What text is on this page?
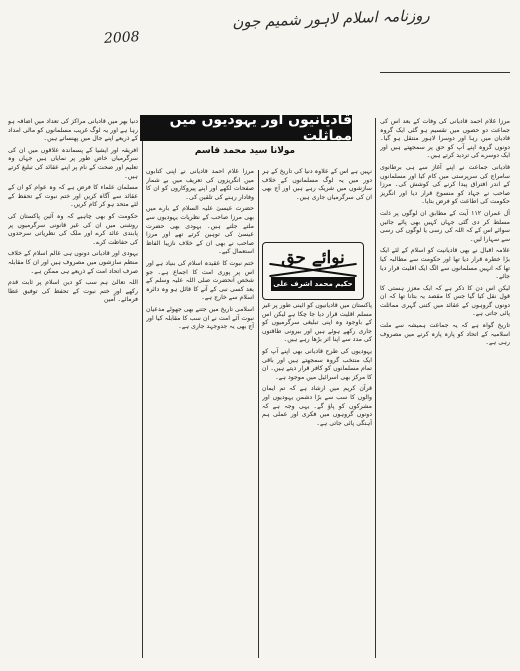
روزنامہ اسلام لاہور شمیم جون
2008

مرزا غلام احمد قادیانی کی وفات کے بعد اس کی جماعت دو حصوں میں تقسیم ہو گئی ایک گروہ قادیان میں رہا اور دوسرا لاہور منتقل ہو گیا۔ دونوں گروہ اپنے آپ کو حق پر سمجھتے ہیں اور ایک دوسرے کی تردید کرتے ہیں۔

قادیانی جماعت نے اپنے آغاز سے ہی برطانوی سامراج کی سرپرستی میں کام کیا اور مسلمانوں کے اندر افتراق پیدا کرنے کی کوشش کی۔ مرزا صاحب نے جہاد کو منسوخ قرار دیا اور انگریز حکومت کی اطاعت کو فرض بتایا۔

آل عمران ۱۱۲ آیت کے مطابق ان لوگوں پر ذلت مسلط کر دی گئی جہاں کہیں بھی پائے جائیں سوائے اس کے کہ اللہ کی رسی یا لوگوں کی رسی سے سہارا لیں۔

علامہ اقبال نے بھی قادیانیت کو اسلام کے لئے ایک بڑا خطرہ قرار دیا تھا اور حکومت سے مطالبہ کیا تھا کہ انہیں مسلمانوں سے الگ ایک اقلیت قرار دیا جائے۔

لیکن اس دن کا ذکر ہے کہ ایک معزز ہستی کا قول نقل کیا گیا جس کا مقصد یہ بتانا تھا کہ ان دونوں گروہوں کے عقائد میں کتنی گہری مماثلت پائی جاتی ہے۔

تاریخ گواہ ہے کہ یہ جماعت ہمیشہ سے ملت اسلامیہ کے اتحاد کو پارہ پارہ کرنے میں مصروف رہی ہے۔

قادیانیوں اور یہودیوں میں مماثلت
مولانا سید محمد قاسم

نہیں ہے اس کے علاوہ دنیا کی تاریخ کے ہر دور میں یہ لوگ مسلمانوں کے خلاف سازشوں میں شریک رہے ہیں اور آج بھی ان کی سرگرمیاں جاری ہیں۔

نوائے حق
حکیم محمد اشرف علی

پاکستان میں قادیانیوں کو آئینی طور پر غیر مسلم اقلیت قرار دیا جا چکا ہے لیکن اس کے باوجود وہ اپنی تبلیغی سرگرمیوں کو جاری رکھے ہوئے ہیں اور بیرونی طاقتوں کی مدد سے اپنا اثر بڑھا رہے ہیں۔

یہودیوں کی طرح قادیانی بھی اپنے آپ کو ایک منتخب گروہ سمجھتے ہیں اور باقی تمام مسلمانوں کو کافر قرار دیتے ہیں۔ ان کا مرکز بھی اسرائیل میں موجود ہے۔

قرآن کریم میں ارشاد ہے کہ تم ایمان والوں کا سب سے بڑا دشمن یہودیوں اور مشرکوں کو پاؤ گے۔ یہی وجہ ہے کہ دونوں گروہوں میں فکری اور عملی ہم آہنگی پائی جاتی ہے۔

مرزا غلام احمد قادیانی نے اپنی کتابوں میں انگریزوں کی تعریف میں بے شمار صفحات لکھے اور اپنے پیروکاروں کو ان کا وفادار رہنے کی تلقین کی۔

حضرت عیسیٰ علیہ السلام کے بارے میں بھی مرزا صاحب کے نظریات یہودیوں سے ملتے جلتے ہیں۔ یہودی بھی حضرت عیسیٰ کی توہین کرتے تھے اور مرزا صاحب نے بھی ان کے خلاف نازیبا الفاظ استعمال کیے۔

ختم نبوت کا عقیدہ اسلام کی بنیاد ہے اور اس پر پوری امت کا اجماع ہے۔ جو شخص آنحضرت صلی اللہ علیہ وسلم کے بعد کسی نبی کے آنے کا قائل ہو وہ دائرہ اسلام سے خارج ہے۔

اسلامی تاریخ میں جتنے بھی جھوٹے مدعیان نبوت آئے امت نے ان سب کا مقابلہ کیا اور آج بھی یہ جدوجہد جاری ہے۔

دنیا بھر میں قادیانی مراکز کی تعداد میں اضافہ ہو رہا ہے اور یہ لوگ غریب مسلمانوں کو مالی امداد کے ذریعے اپنے جال میں پھنساتے ہیں۔

افریقہ اور ایشیا کے پسماندہ علاقوں میں ان کی سرگرمیاں خاص طور پر نمایاں ہیں جہاں وہ تعلیم اور صحت کے نام پر اپنے عقائد کی تبلیغ کرتے ہیں۔

مسلمان علماء کا فرض ہے کہ وہ عوام کو ان کے عقائد سے آگاہ کریں اور ختم نبوت کے تحفظ کے لئے متحد ہو کر کام کریں۔

حکومت کو بھی چاہیے کہ وہ آئین پاکستان کی روشنی میں ان کی غیر قانونی سرگرمیوں پر پابندی عائد کرے اور ملک کی نظریاتی سرحدوں کی حفاظت کرے۔

یہودی اور قادیانی دونوں ہی عالم اسلام کے خلاف منظم سازشوں میں مصروف ہیں اور ان کا مقابلہ صرف اتحاد امت کے ذریعے ہی ممکن ہے۔

اللہ تعالیٰ ہم سب کو دین اسلام پر ثابت قدم رکھے اور ختم نبوت کے تحفظ کی توفیق عطا فرمائے۔ آمین
